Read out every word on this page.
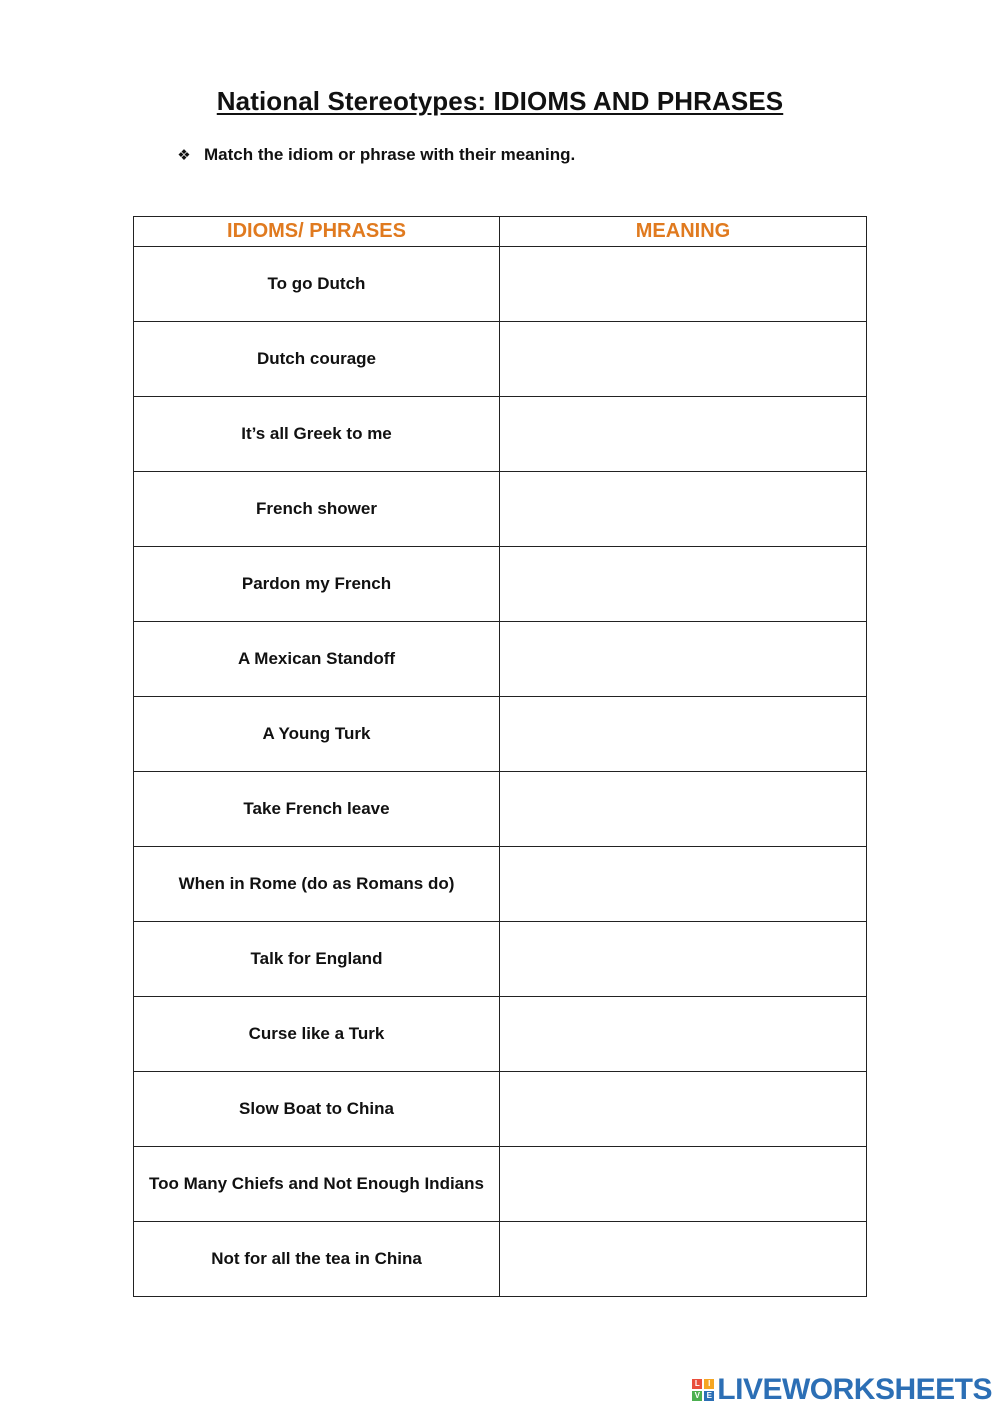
National Stereotypes: IDIOMS AND PHRASES
❖ Match the idiom or phrase with their meaning.
IDIOMS/ PHRASES	MEANING
To go Dutch	
Dutch courage	
It’s all Greek to me	
French shower	
Pardon my French	
A Mexican Standoff	
A Young Turk	
Take French leave	
When in Rome (do as Romans do)	
Talk for England	
Curse like a Turk	
Slow Boat to China	
Too Many Chiefs and Not Enough Indians	
Not for all the tea in China	
L	I
V E LIVEWORKSHEETS
